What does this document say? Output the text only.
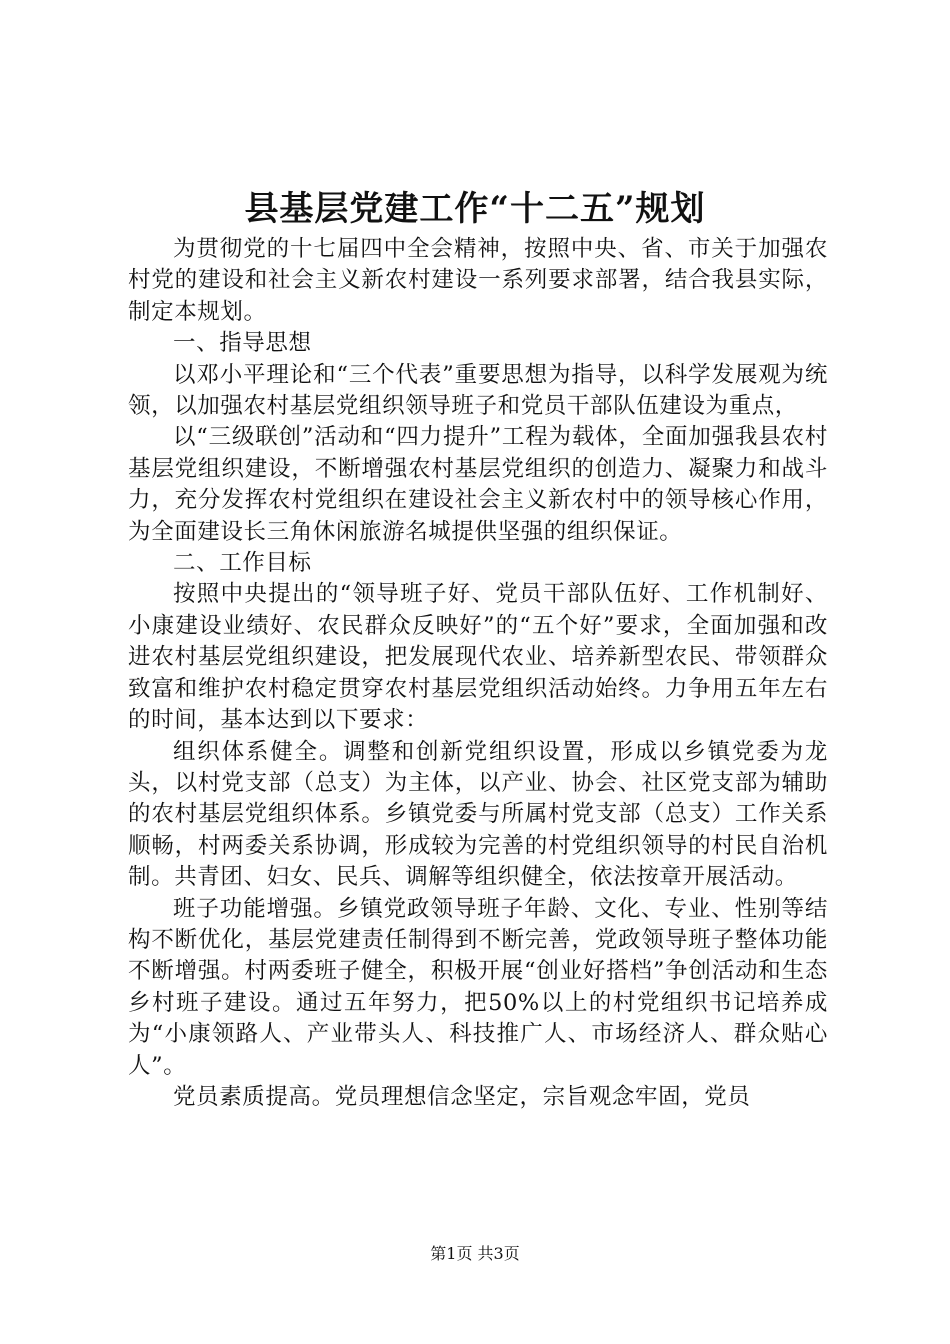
县基层党建工作“十二五”规划

为贯彻党的十七届四中全会精神，按照中央、省、市关于加强农村党的建设和社会主义新农村建设一系列要求部署，结合我县实际，制定本规划。

一、指导思想

以邓小平理论和“三个代表”重要思想为指导，以科学发展观为统领，以加强农村基层党组织领导班子和党员干部队伍建设为重点，

以“三级联创”活动和“四力提升”工程为载体，全面加强我县农村基层党组织建设，不断增强农村基层党组织的创造力、凝聚力和战斗力，充分发挥农村党组织在建设社会主义新农村中的领导核心作用，为全面建设长三角休闲旅游名城提供坚强的组织保证。

二、工作目标

按照中央提出的“领导班子好、党员干部队伍好、工作机制好、小康建设业绩好、农民群众反映好”的“五个好”要求，全面加强和改进农村基层党组织建设，把发展现代农业、培养新型农民、带领群众致富和维护农村稳定贯穿农村基层党组织活动始终。力争用五年左右的时间，基本达到以下要求：

组织体系健全。调整和创新党组织设置，形成以乡镇党委为龙头，以村党支部（总支）为主体，以产业、协会、社区党支部为辅助的农村基层党组织体系。乡镇党委与所属村党支部（总支）工作关系顺畅，村两委关系协调，形成较为完善的村党组织领导的村民自治机制。共青团、妇女、民兵、调解等组织健全，依法按章开展活动。

班子功能增强。乡镇党政领导班子年龄、文化、专业、性别等结构不断优化，基层党建责任制得到不断完善，党政领导班子整体功能不断增强。村两委班子健全，积极开展“创业好搭档”争创活动和生态乡村班子建设。通过五年努力，把50%以上的村党组织书记培养成为“小康领路人、产业带头人、科技推广人、市场经济人、群众贴心人”。

党员素质提高。党员理想信念坚定，宗旨观念牢固，党员

第1页 共3页
